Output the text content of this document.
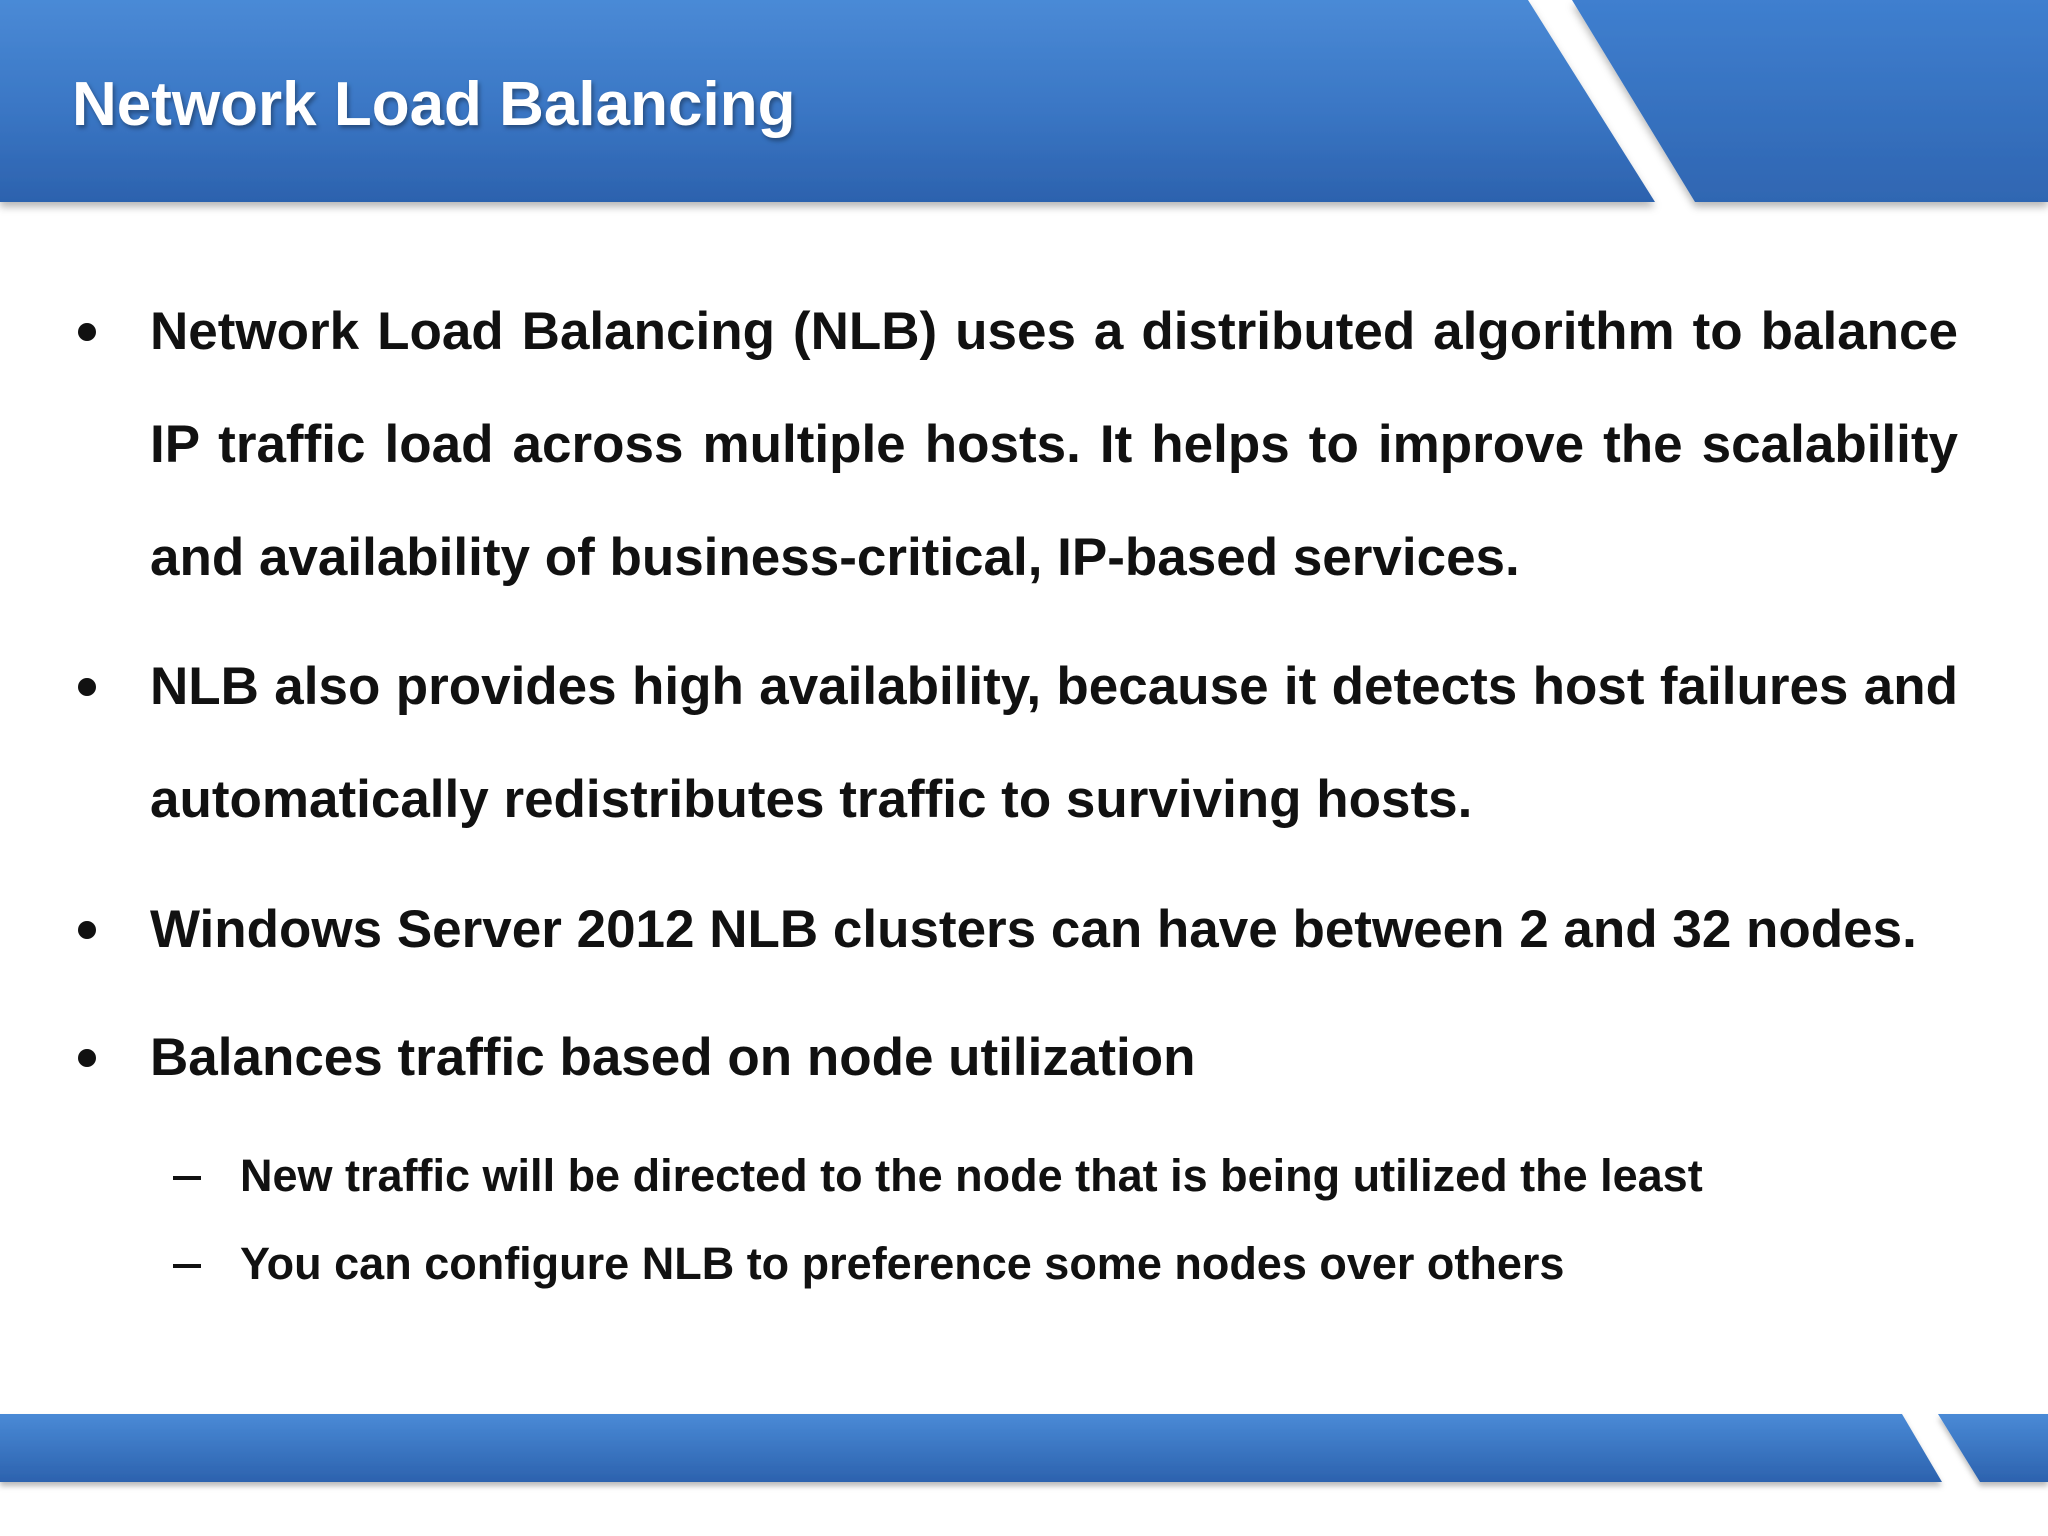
Network Load Balancing
Network Load Balancing (NLB) uses a distributed algorithm to balance IP traffic load across multiple hosts. It helps to improve the scalability and availability of business-critical, IP-based services.
NLB also provides high availability, because it detects host failures and automatically redistributes traffic to surviving hosts.
Windows Server 2012 NLB clusters can have between 2 and 32 nodes.
Balances traffic based on node utilization
New traffic will be directed to the node that is being utilized the least
You can configure NLB to preference some nodes over others
